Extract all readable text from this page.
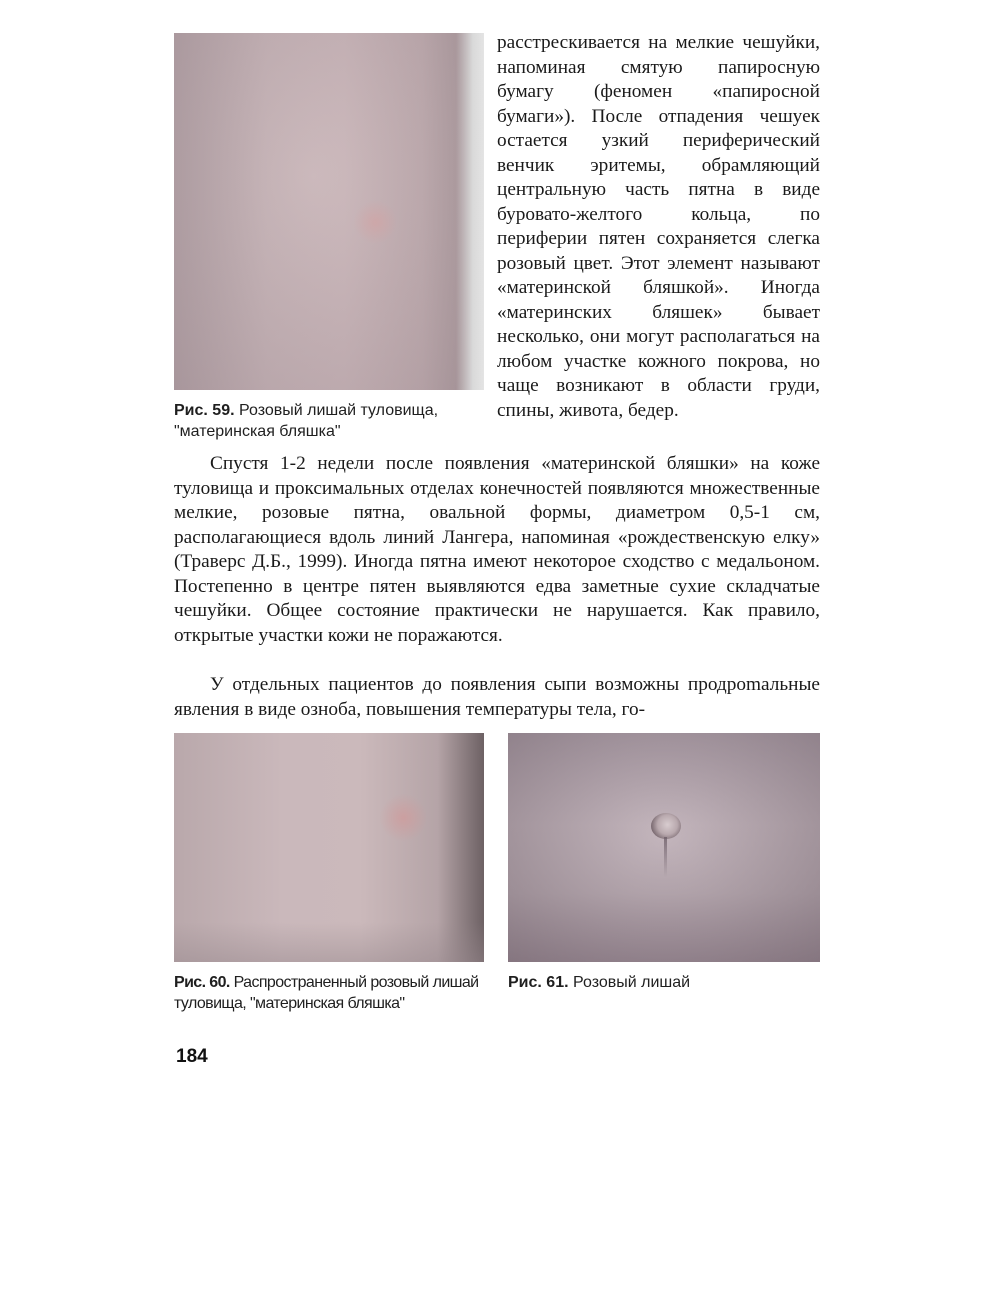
Рис. 59. Розовый лишай туловища, "материнская бляшка"

расстрескивается на мелкие чешуйки, напоминая смятую папиросную бумагу (феномен «папиросной бумаги»). После отпадения чешуек остается узкий периферический венчик эритемы, обрамляющий центральную часть пятна в виде буровато-желтого кольца, по периферии пятен сохраняется слегка розовый цвет. Этот элемент называют «материнской бляшкой». Иногда «материнских бляшек» бывает несколько, они могут располагаться на любом участке кожного покрова, но чаще возникают в области груди, спины, живота, бедер.

Спустя 1-2 недели после появления «материнской бляшки» на коже туловища и проксимальных отделах конечностей появляются множественные мелкие, розовые пятна, овальной формы, диаметром 0,5-1 см, располагающиеся вдоль линий Лангера, напоминая «рождественскую елку» (Траверс Д.Б., 1999). Иногда пятна имеют некоторое сходство с медальоном. Постепенно в центре пятен выявляются едва заметные сухие складчатые чешуйки. Общее состояние практически не нарушается. Как правило, открытые участки кожи не поражаются.

У отдельных пациентов до появления сыпи возможны продроmальные явления в виде озноба, повышения температуры тела, го-

Рис. 60. Распространенный розовый лишай туловища, "материнская бляшка"

Рис. 61. Розовый лишай

184
